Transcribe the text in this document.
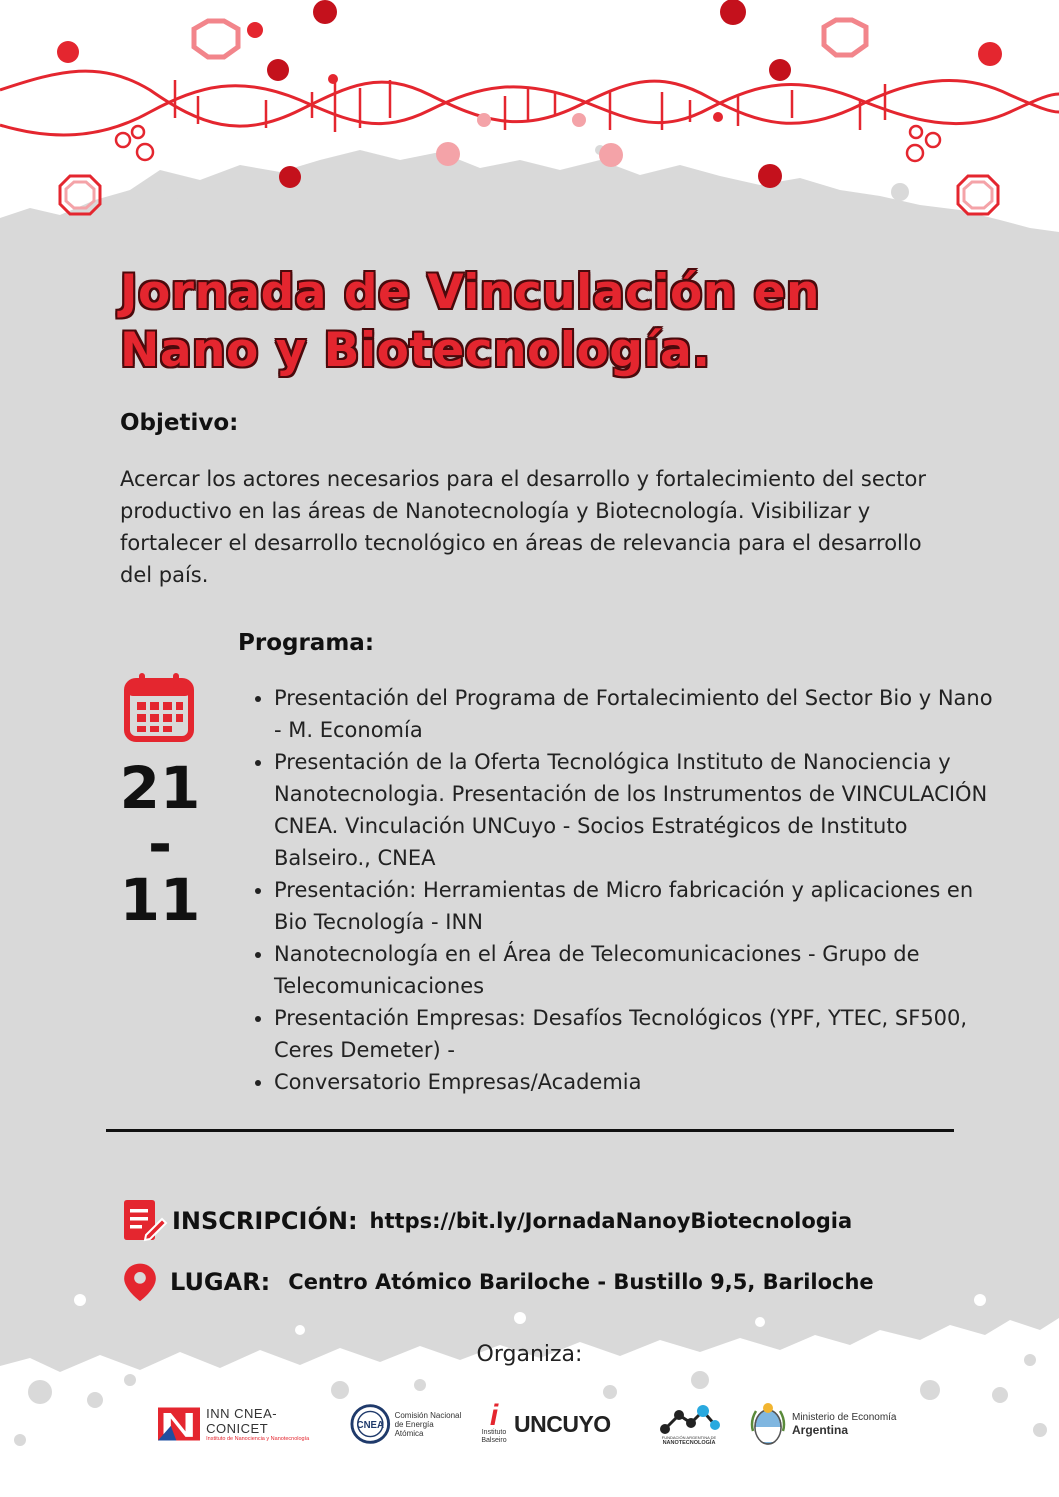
Jornada de Vinculación en
Nano y Biotecnología.
Objetivo:

Acercar los actores necesarios para el desarrollo y fortalecimiento del sector productivo en las áreas de Nanotecnología y Biotecnología. Visibilizar y fortalecer el desarrollo tecnológico en áreas de relevancia para el desarrollo del país.

Programa:
21
-
11
• Presentación del Programa de Fortalecimiento del Sector Bio y Nano - M. Economía
• Presentación de la Oferta Tecnológica Instituto de Nanociencia y Nanotecnologia. Presentación de los Instrumentos de VINCULACIÓN CNEA. Vinculación UNCuyo - Socios Estratégicos de Instituto Balseiro., CNEA
• Presentación: Herramientas de Micro fabricación y aplicaciones en Bio Tecnología - INN
• Nanotecnología en el Área de Telecomunicaciones - Grupo de Telecomunicaciones
• Presentación Empresas: Desafíos Tecnológicos (YPF, YTEC, SF500, Ceres Demeter) -
• Conversatorio Empresas/Academia
INSCRIPCIÓN: https://bit.ly/JornadaNanoyBiotecnologia
LUGAR: Centro Atómico Bariloche - Bustillo 9,5, Bariloche

Organiza:

INN CNEA-CONICET
Instituto de Nanociencia y Nanotecnología
CNEA
Comisión Nacional
de Energía Atómica
i
Instituto
Balseiro
UNCUYO
FUNDACIÓN ARGENTINA DE
NANOTECNOLOGÍA
Ministerio de Economía
Argentina
